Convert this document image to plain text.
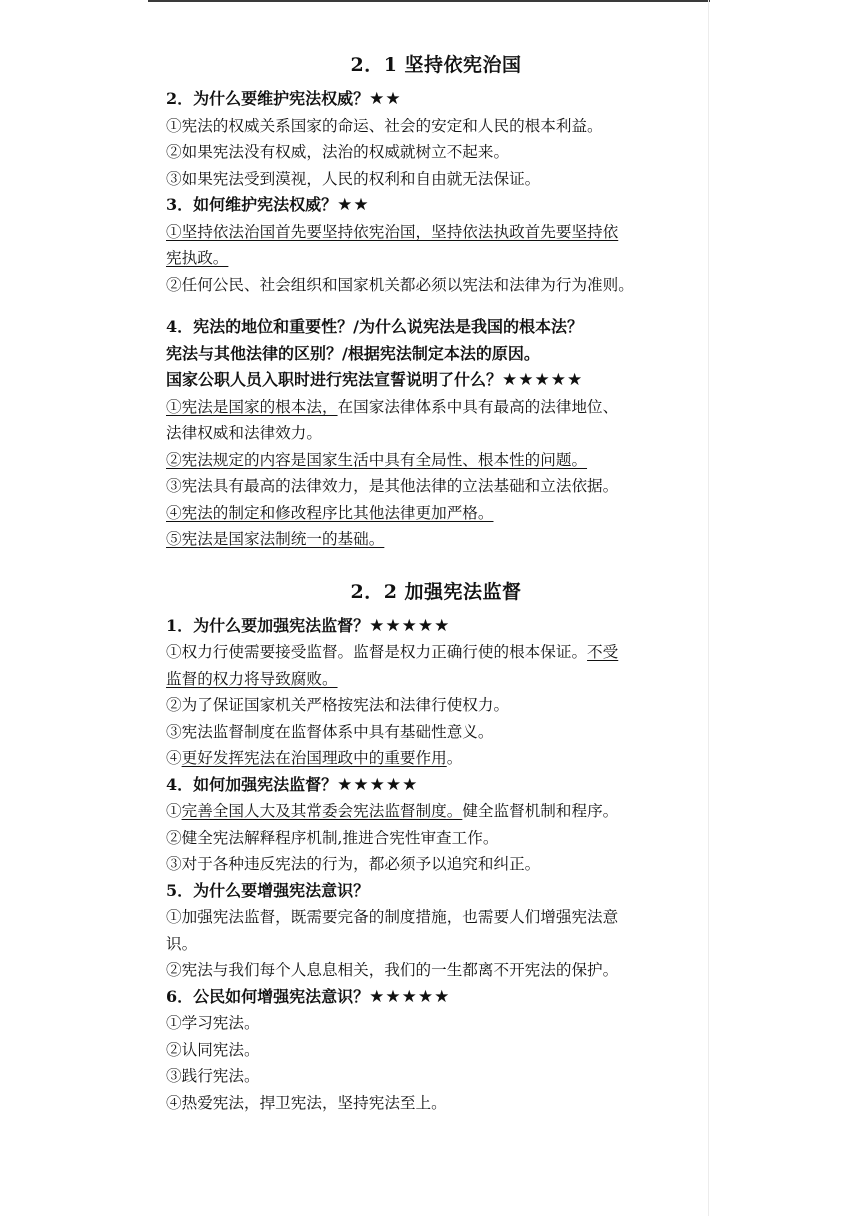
2．1 坚持依宪治国
2．为什么要维护宪法权威？★★
①宪法的权威关系国家的命运、社会的安定和人民的根本利益。
②如果宪法没有权威，法治的权威就树立不起来。
③如果宪法受到漠视，人民的权利和自由就无法保证。
3．如何维护宪法权威？★★
①坚持依法治国首先要坚持依宪治国，坚持依法执政首先要坚持依
宪执政。
②任何公民、社会组织和国家机关都必须以宪法和法律为行为准则。
4．宪法的地位和重要性？/为什么说宪法是我国的根本法？
宪法与其他法律的区别？/根据宪法制定本法的原因。
国家公职人员入职时进行宪法宣誓说明了什么？★★★★★
①宪法是国家的根本法，在国家法律体系中具有最高的法律地位、
法律权威和法律效力。
②宪法规定的内容是国家生活中具有全局性、根本性的问题。
③宪法具有最高的法律效力，是其他法律的立法基础和立法依据。
④宪法的制定和修改程序比其他法律更加严格。
⑤宪法是国家法制统一的基础。
2．2 加强宪法监督
1．为什么要加强宪法监督？★★★★★
①权力行使需要接受监督。监督是权力正确行使的根本保证。不受
监督的权力将导致腐败。
②为了保证国家机关严格按宪法和法律行使权力。
③宪法监督制度在监督体系中具有基础性意义。
④更好发挥宪法在治国理政中的重要作用。
4．如何加强宪法监督？★★★★★
①完善全国人大及其常委会宪法监督制度。健全监督机制和程序。
②健全宪法解释程序机制,推进合宪性审查工作。
③对于各种违反宪法的行为，都必须予以追究和纠正。
5．为什么要增强宪法意识？
①加强宪法监督，既需要完备的制度措施，也需要人们增强宪法意
识。
②宪法与我们每个人息息相关，我们的一生都离不开宪法的保护。
6．公民如何增强宪法意识？★★★★★
①学习宪法。
②认同宪法。
③践行宪法。
④热爱宪法，捍卫宪法，坚持宪法至上。
